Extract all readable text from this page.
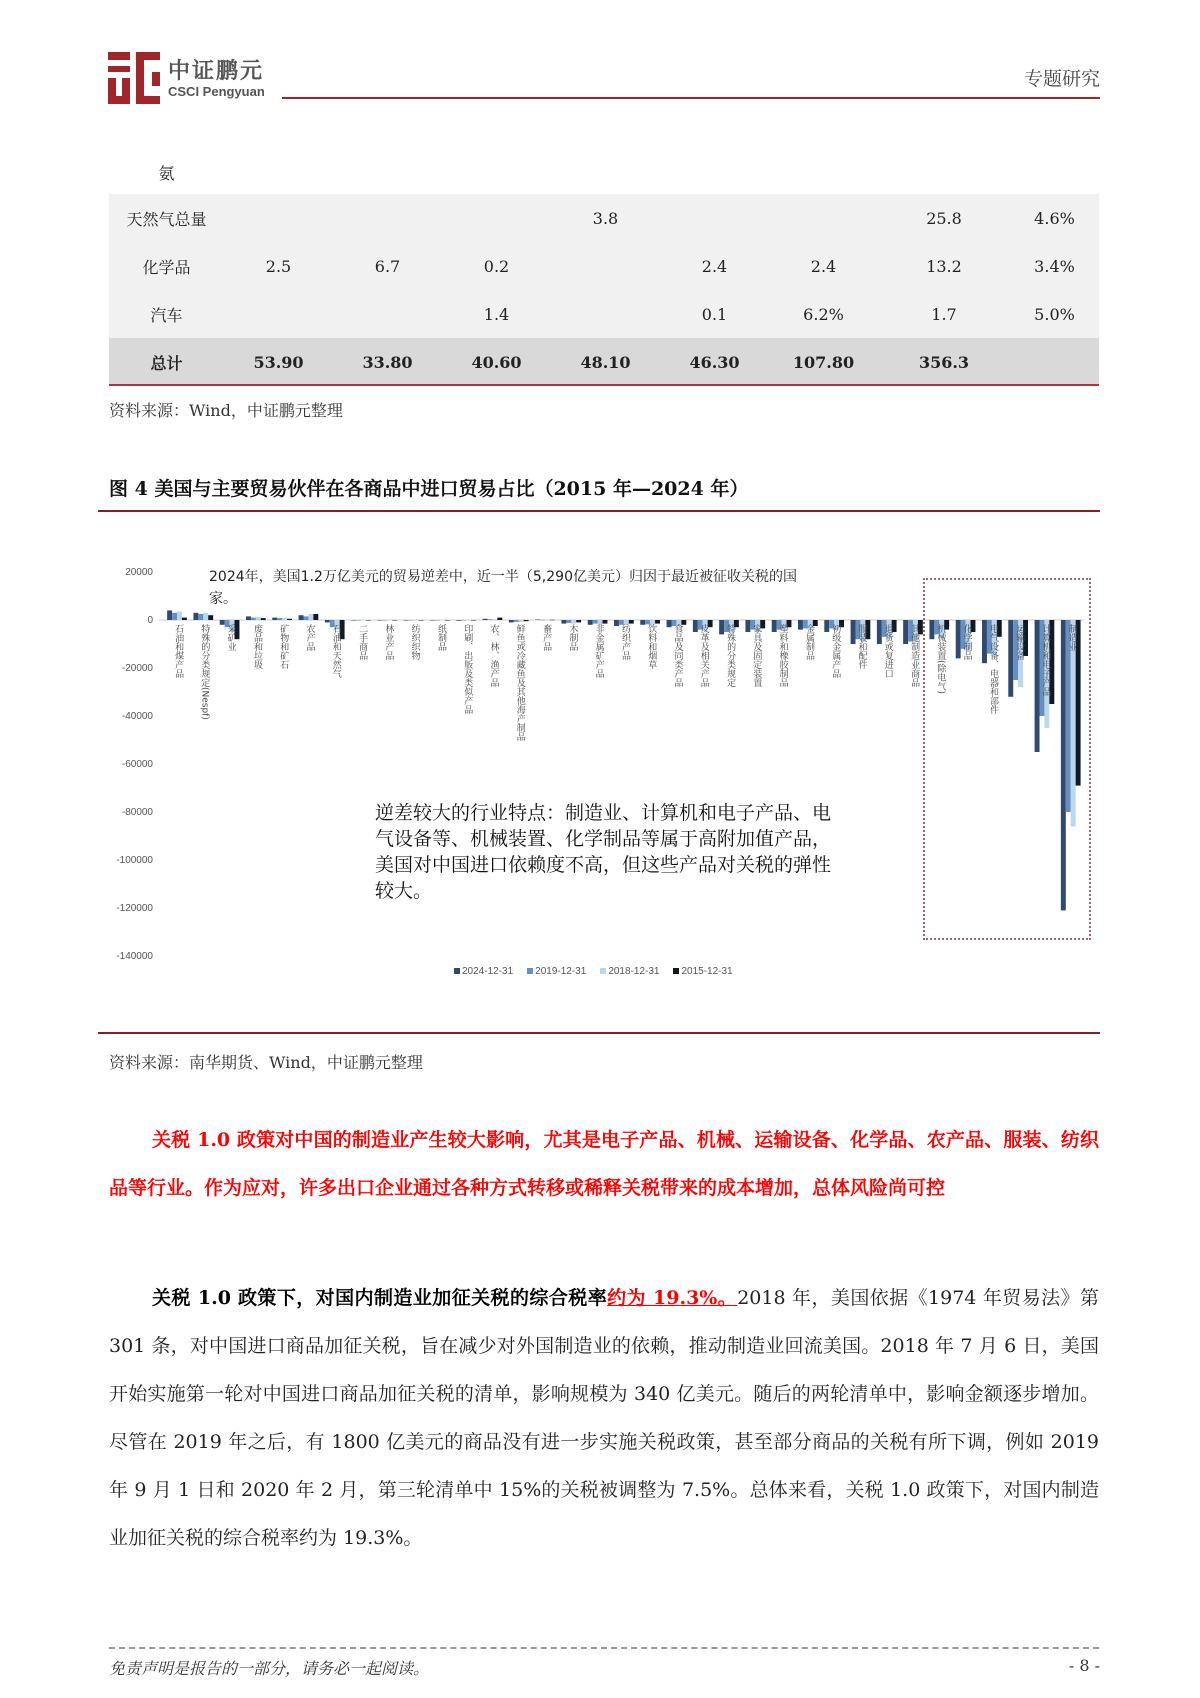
中证鹏元
CSCI Pengyuan
专题研究
氨								
天然气总量				3.8			25.8	4.6%
化学品	2.5	6.7	0.2		2.4	2.4	13.2	3.4%
汽车			1.4		0.1	6.2%	1.7	5.0%
总计	53.90	33.80	40.60	48.10	46.30	107.80	356.3	
资料来源：Wind，中证鹏元整理
图 4 美国与主要贸易伙伴在各商品中进口贸易占比（2015 年—2024 年）
20000
0
-20000
-40000
-60000
-80000
-100000
-120000
-140000
石油和煤产品 特殊的分类规定(Nespf) 采矿业 废品和垃圾 矿物和矿石 农产品 石油和天然气 二手商品 林业产品 纺织织物 纸制品 印刷、出版及类似产品 农、林、渔产品 鲜鱼或冷藏鱼及其他海产制品 畜产品 木制品 非金属矿产品 纺织产品 饮料和烟草 食品及同类产品 皮革及相关产品 特殊的分类规定 家具及固定装置 塑料和橡胶制品 金属制品 初级金属产品 服装和配件 退货或复进口 其他制造业商品 机械装置(除电气) 化学制品 电气设备、电器和部件 运输设备 计算机和电子产品 制造业
2024年，美国1.2万亿美元的贸易逆差中，近一半（5,290亿美元）归因于最近被征收关税的国家。
逆差较大的行业特点：制造业、计算机和电子产品、电气设备等、机械装置、化学制品等属于高附加值产品，美国对中国进口依赖度不高，但这些产品对关税的弹性较大。
2024-12-31	2019-12-31	2018-12-31	2015-12-31
资料来源：南华期货、Wind，中证鹏元整理
关税 1.0 政策对中国的制造业产生较大影响，尤其是电子产品、机械、运输设备、化学品、农产品、服装、纺织品等行业。作为应对，许多出口企业通过各种方式转移或稀释关税带来的成本增加，总体风险尚可控
关税 1.0 政策下，对国内制造业加征关税的综合税率约为 19.3%。2018 年，美国依据《1974 年贸易法》第 301 条，对中国进口商品加征关税，旨在减少对外国制造业的依赖，推动制造业回流美国。2018 年 7 月 6 日，美国开始实施第一轮对中国进口商品加征关税的清单，影响规模为 340 亿美元。随后的两轮清单中，影响金额逐步增加。尽管在 2019 年之后，有 1800 亿美元的商品没有进一步实施关税政策，甚至部分商品的关税有所下调，例如 2019 年 9 月 1 日和 2020 年 2 月，第三轮清单中 15%的关税被调整为 7.5%。总体来看，关税 1.0 政策下，对国内制造业加征关税的综合税率约为 19.3%。
免责声明是报告的一部分，请务必一起阅读。	- 8 -
